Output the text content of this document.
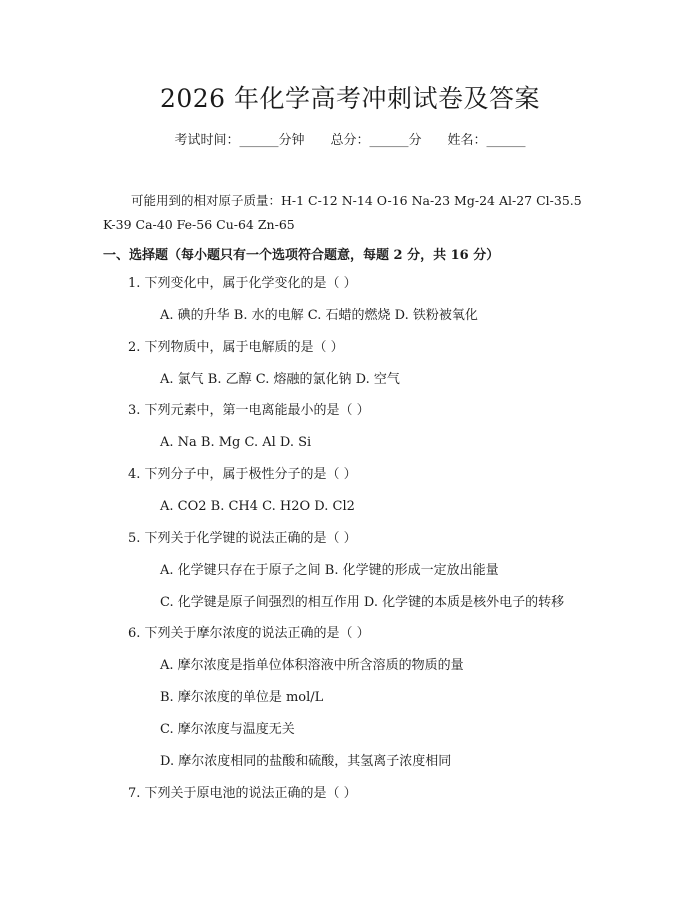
2026 年化学高考冲刺试卷及答案
考试时间：______分钟 总分：______分 姓名：______
可能用到的相对原子质量：H-1 C-12 N-14 O-16 Na-23 Mg-24 Al-27 Cl-35.5
K-39 Ca-40 Fe-56 Cu-64 Zn-65
一、选择题（每小题只有一个选项符合题意，每题 2 分，共 16 分）
1. 下列变化中，属于化学变化的是（ ）
A. 碘的升华 B. 水的电解 C. 石蜡的燃烧 D. 铁粉被氧化
2. 下列物质中，属于电解质的是（ ）
A. 氯气 B. 乙醇 C. 熔融的氯化钠 D. 空气
3. 下列元素中，第一电离能最小的是（ ）
A. Na B. Mg C. Al D. Si
4. 下列分子中，属于极性分子的是（ ）
A. CO2 B. CH4 C. H2O D. Cl2
5. 下列关于化学键的说法正确的是（ ）
A. 化学键只存在于原子之间 B. 化学键的形成一定放出能量
C. 化学键是原子间强烈的相互作用 D. 化学键的本质是核外电子的转移
6. 下列关于摩尔浓度的说法正确的是（ ）
A. 摩尔浓度是指单位体积溶液中所含溶质的物质的量
B. 摩尔浓度的单位是 mol/L
C. 摩尔浓度与温度无关
D. 摩尔浓度相同的盐酸和硫酸，其氢离子浓度相同
7. 下列关于原电池的说法正确的是（ ）
